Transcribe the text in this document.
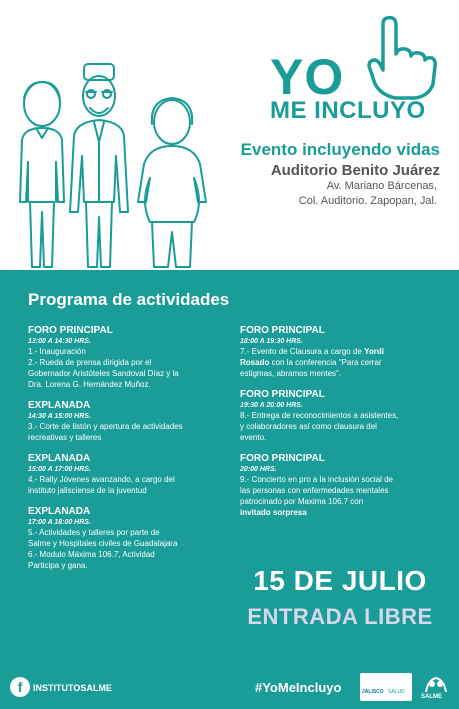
YO
ME INCLUYO
Evento incluyendo vidas
Auditorio Benito Juárez
Av. Mariano Bárcenas,
Col. Auditorio. Zapopan, Jal.
Programa de actividades
FORO PRINCIPAL
13:00 A 14:30 HRS.
1.- Inauguración
2.- Rueda de prensa dirigida por el
Gobernador Aristóteles Sandoval Díaz y la
Dra. Lorena G. Hernández Muñoz.
EXPLANADA
14:30 A 15:00 HRS.
3.- Corte de listón y apertura de actividades
recreativas y talleres
EXPLANADA
15:00 A 17:00 HRS.
4.- Rally Jóvenes avanzando, a cargo del
instituto jalisciense de la juventud
EXPLANADA
17:00 A 18:00 HRS.
5.- Actividades y talleres por parte de
Salme y Hospitales civiles de Guadalajara
6.- Modulo Máxima 106.7, Actividad
Participa y gana.
FORO PRINCIPAL
18:00 A 19:30 HRS.
7.- Evento de Clausura a cargo de Yordi
Rosado con la conferencia "Para cerrar
estigmas, abramos mentes".
FORO PRINCIPAL
19:30 A 20:00 HRS.
8.- Entrega de reconocimientos a asistentes,
y colaboradores así como clausura del
evento.
FORO PRINCIPAL
20:00 HRS.
9.- Concierto en pro a la inclusión social de
las personas con enfermedades mentales
patrocinado por Maxima 106.7 con
invitado sorpresa
15 DE JULIO
ENTRADA LIBRE
f	INSTITUTOSALME	#YoMeIncluyo	JALISCO SALUD
SALME
